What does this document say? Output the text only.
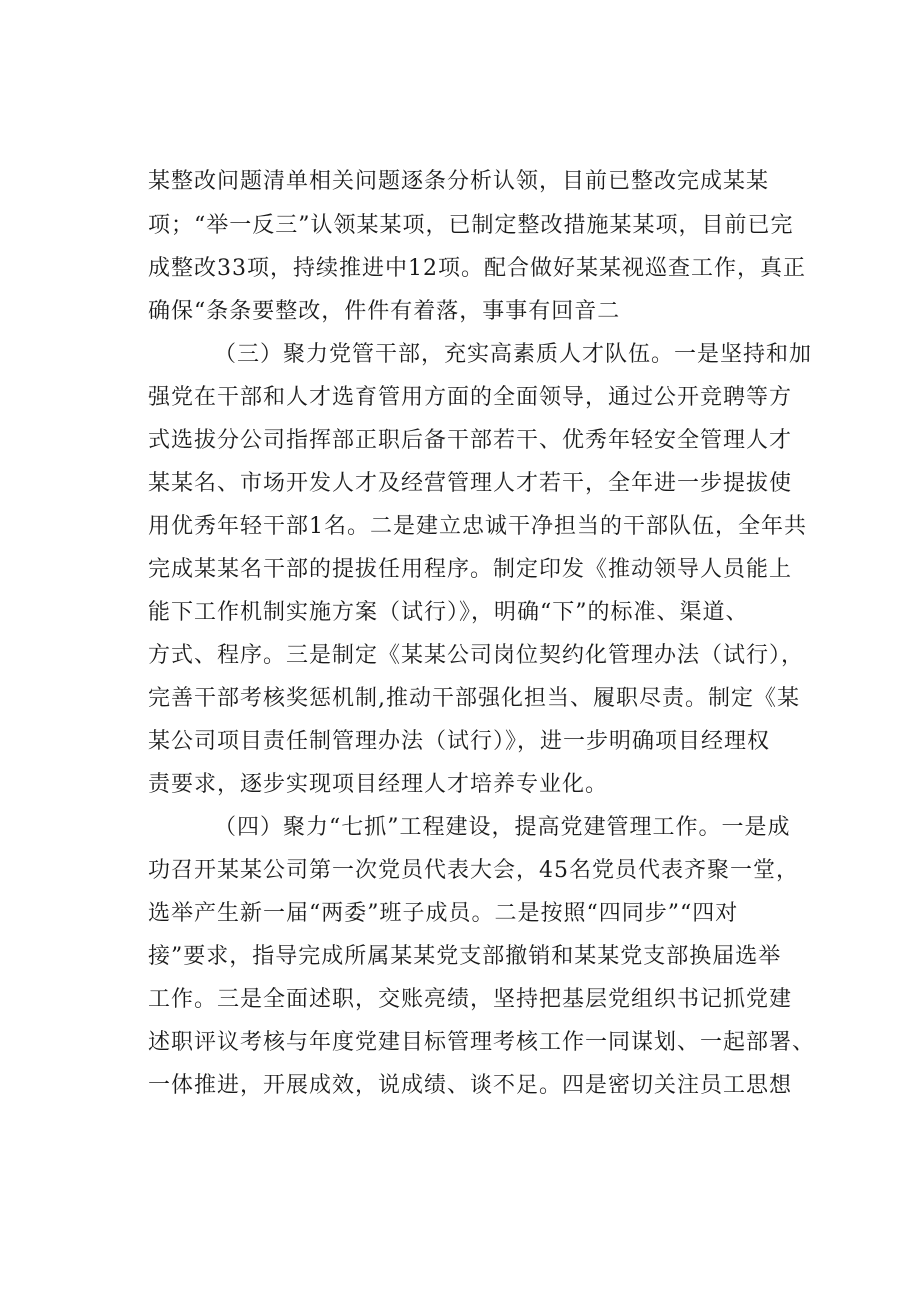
某整改问题清单相关问题逐条分析认领，目前已整改完成某某
项；“举一反三”认领某某项，已制定整改措施某某项，目前已完
成整改33项，持续推进中12项。配合做好某某视巡查工作，真正
确保“条条要整改，件件有着落，事事有回音二
（三）聚力党管干部，充实高素质人才队伍。一是坚持和加
强党在干部和人才选育管用方面的全面领导，通过公开竞聘等方
式选拔分公司指挥部正职后备干部若干、优秀年轻安全管理人才
某某名、市场开发人才及经营管理人才若干，全年进一步提拔使
用优秀年轻干部1名。二是建立忠诚干净担当的干部队伍，全年共
完成某某名干部的提拔任用程序。制定印发《推动领导人员能上
能下工作机制实施方案（试行）》，明确“下”的标准、渠道、
方式、程序。三是制定《某某公司岗位契约化管理办法（试行），
完善干部考核奖惩机制,推动干部强化担当、履职尽责。制定《某
某公司项目责任制管理办法（试行）》，进一步明确项目经理权
责要求，逐步实现项目经理人才培养专业化。
（四）聚力“七抓”工程建设，提高党建管理工作。一是成
功召开某某公司第一次党员代表大会，45名党员代表齐聚一堂，
选举产生新一届“两委”班子成员。二是按照“四同步”“四对
接”要求，指导完成所属某某党支部撤销和某某党支部换届选举
工作。三是全面述职，交账亮绩，坚持把基层党组织书记抓党建
述职评议考核与年度党建目标管理考核工作一同谋划、一起部署、
一体推进，开展成效，说成绩、谈不足。四是密切关注员工思想
